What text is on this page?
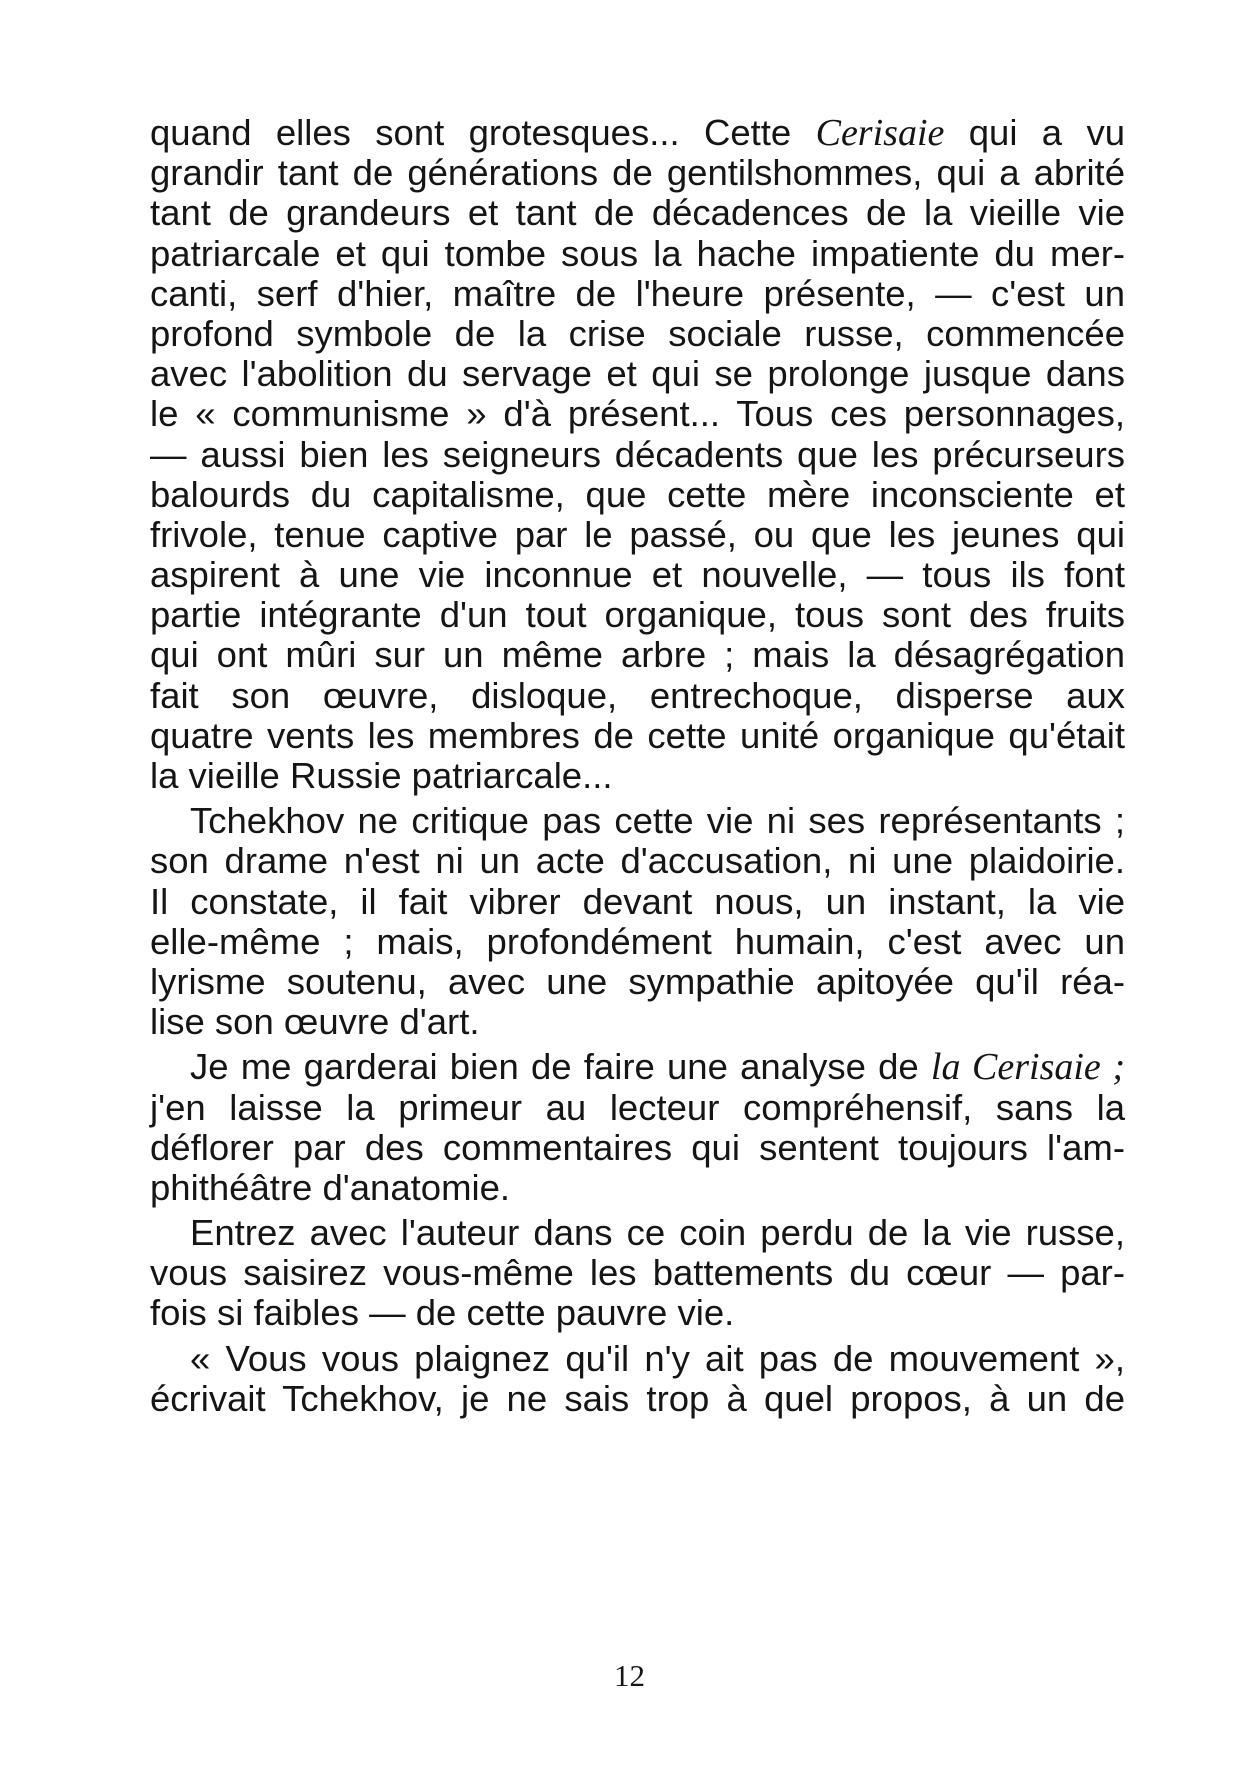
quand elles sont grotesques... Cette Cerisaie qui a vu
grandir tant de générations de gentilshommes, qui a abrité
tant de grandeurs et tant de décadences de la vieille vie
patriarcale et qui tombe sous la hache impatiente du mer-
canti, serf d'hier, maître de l'heure présente, — c'est un
profond symbole de la crise sociale russe, commencée
avec l'abolition du servage et qui se prolonge jusque dans
le « communisme » d'à présent... Tous ces personnages,
— aussi bien les seigneurs décadents que les précurseurs
balourds du capitalisme, que cette mère inconsciente et
frivole, tenue captive par le passé, ou que les jeunes qui
aspirent à une vie inconnue et nouvelle, — tous ils font
partie intégrante d'un tout organique, tous sont des fruits
qui ont mûri sur un même arbre ; mais la désagrégation
fait son œuvre, disloque, entrechoque, disperse aux
quatre vents les membres de cette unité organique qu'était
la vieille Russie patriarcale...
Tchekhov ne critique pas cette vie ni ses représentants ;
son drame n'est ni un acte d'accusation, ni une plaidoirie.
Il constate, il fait vibrer devant nous, un instant, la vie
elle-même ; mais, profondément humain, c'est avec un
lyrisme soutenu, avec une sympathie apitoyée qu'il réa-
lise son œuvre d'art.
Je me garderai bien de faire une analyse de la Cerisaie ;
j'en laisse la primeur au lecteur compréhensif, sans la
déflorer par des commentaires qui sentent toujours l'am-
phithéâtre d'anatomie.
Entrez avec l'auteur dans ce coin perdu de la vie russe,
vous saisirez vous-même les battements du cœur — par-
fois si faibles — de cette pauvre vie.
« Vous vous plaignez qu'il n'y ait pas de mouvement »,
écrivait Tchekhov, je ne sais trop à quel propos, à un de
12
